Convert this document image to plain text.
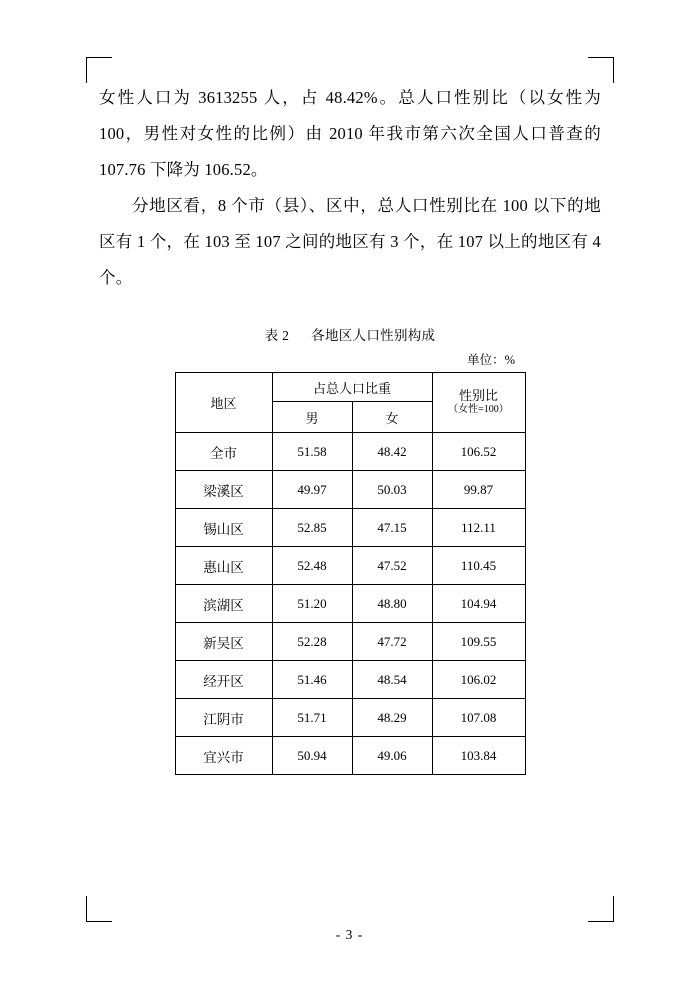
女性人口为 3613255 人，占 48.42%。总人口性别比（以女性为 100，男性对女性的比例）由 2010 年我市第六次全国人口普查的 107.76 下降为 106.52。

分地区看，8 个市（县）、区中，总人口性别比在 100 以下的地区有 1 个，在 103 至 107 之间的地区有 3 个，在 107 以上的地区有 4 个。

表 2 各地区人口性别构成
单位：%
地区	占总人口比重		性别比
（女性=100）

	男	女	
全市	51.58	48.42	106.52
梁溪区	49.97	50.03	99.87
锡山区	52.85	47.15	112.11
惠山区	52.48	47.52	110.45
滨湖区	51.20	48.80	104.94
新吴区	52.28	47.72	109.55
经开区	51.46	48.54	106.02
江阴市	51.71	48.29	107.08
宜兴市	50.94	49.06	103.84
- 3 -
